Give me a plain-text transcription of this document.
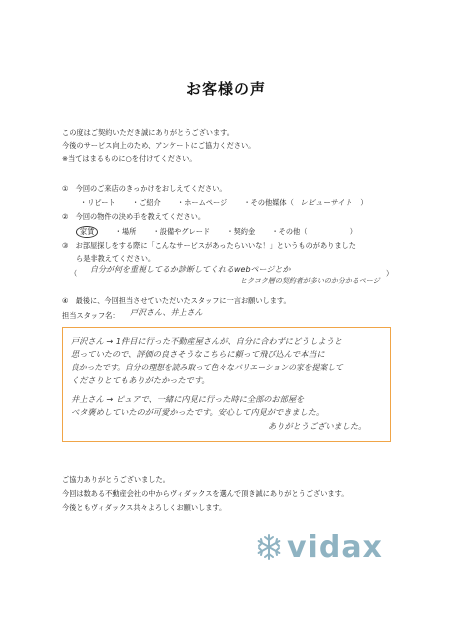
お客様の声
この度はご契約いただき誠にありがとうございます。
今後のサービス向上のため、アンケートにご協力ください。
※当てはまるものに○を付けてください。
①　今回のご来店のきっかけをおしえてください。
・リピート ・ご紹介 ・ホームページ ・その他媒体（ レビューサイト ）
②　今回の物件の決め手を教えてください。
家賃	・場所 ・設備やグレード ・契約金 ・その他（	）
③　お部屋探しをする際に「こんなサービスがあったらいいな！」というものがありました
ら是非教えてください。
（ 自分が何を重視してるか診断してくれるwebページとか
ヒクコク層の契約者が多いのか分かるページ
）
④　最後に、今回担当させていただいたスタッフに一言お願いします。
担当スタッフ名： 戸沢さん、井上さん
戸沢さん → 1件目に行った不動産屋さんが、自分に合わずにどうしようと
思っていたので、評価の良さそうなこちらに頼って飛び込んで本当に
良かったです。自分の理想を読み取って色々なバリエーションの家を提案して
くださりとてもありがたかったです。
井上さん → ピュアで、一緒に内見に行った時に全部のお部屋を
ベタ褒めしていたのが可愛かったです。安心して内見ができました。
ありがとうございました。
ご協力ありがとうございました。
今回は数ある不動産会社の中からヴィダックスを選んで頂き誠にありがとうございます。
今後ともヴィダックス共々よろしくお願いします。
vidax
